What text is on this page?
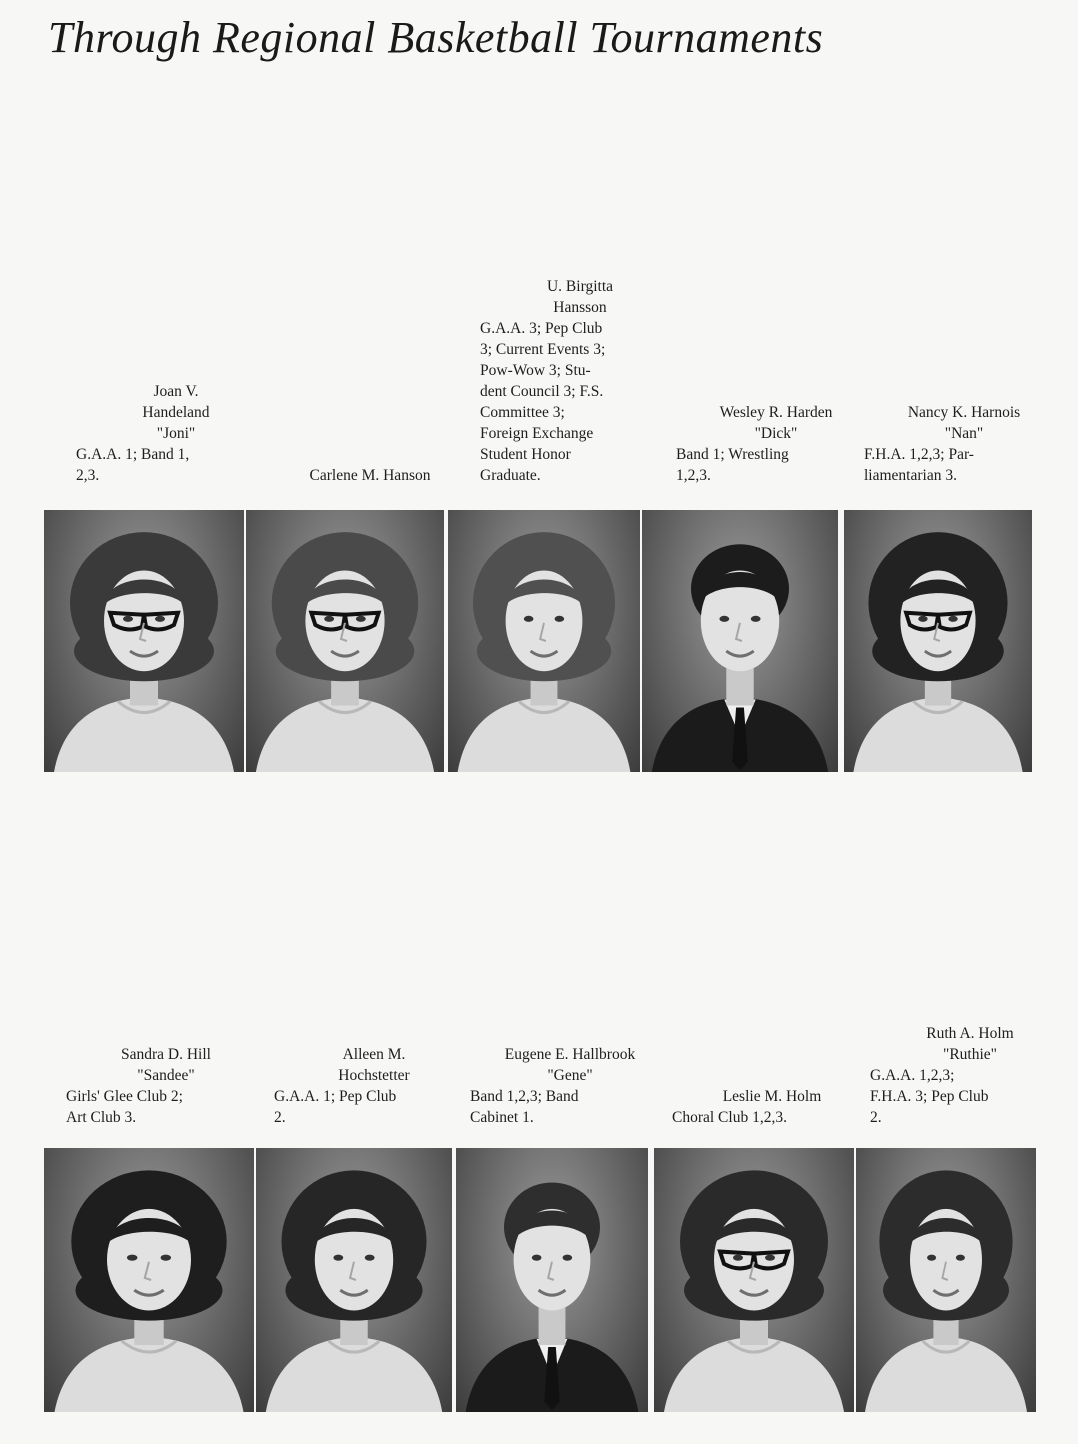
Through Regional Basketball Tournaments
Joan V.
Handeland
"Joni"
G.A.A. 1; Band 1,
2,3.	Carlene M. Hanson
U. Birgitta
Hansson
G.A.A. 3; Pep Club
3; Current Events 3;
Pow-Wow 3; Stu-
dent Council 3; F.S.
Committee 3;
Foreign Exchange
Student Honor
Graduate.
Wesley R. Harden
"Dick"
Band 1; Wrestling
1,2,3.
Nancy K. Harnois
"Nan"
F.H.A. 1,2,3; Par-
liamentarian 3.
Sandra D. Hill
"Sandee"
Girls' Glee Club 2;
Art Club 3.
Alleen M.
Hochstetter
G.A.A. 1; Pep Club
2.
Eugene E. Hallbrook
"Gene"
Band 1,2,3; Band
Cabinet 1.
Leslie M. Holm
Choral Club 1,2,3.
Ruth A. Holm
"Ruthie"
G.A.A. 1,2,3;
F.H.A. 3; Pep Club
2.
